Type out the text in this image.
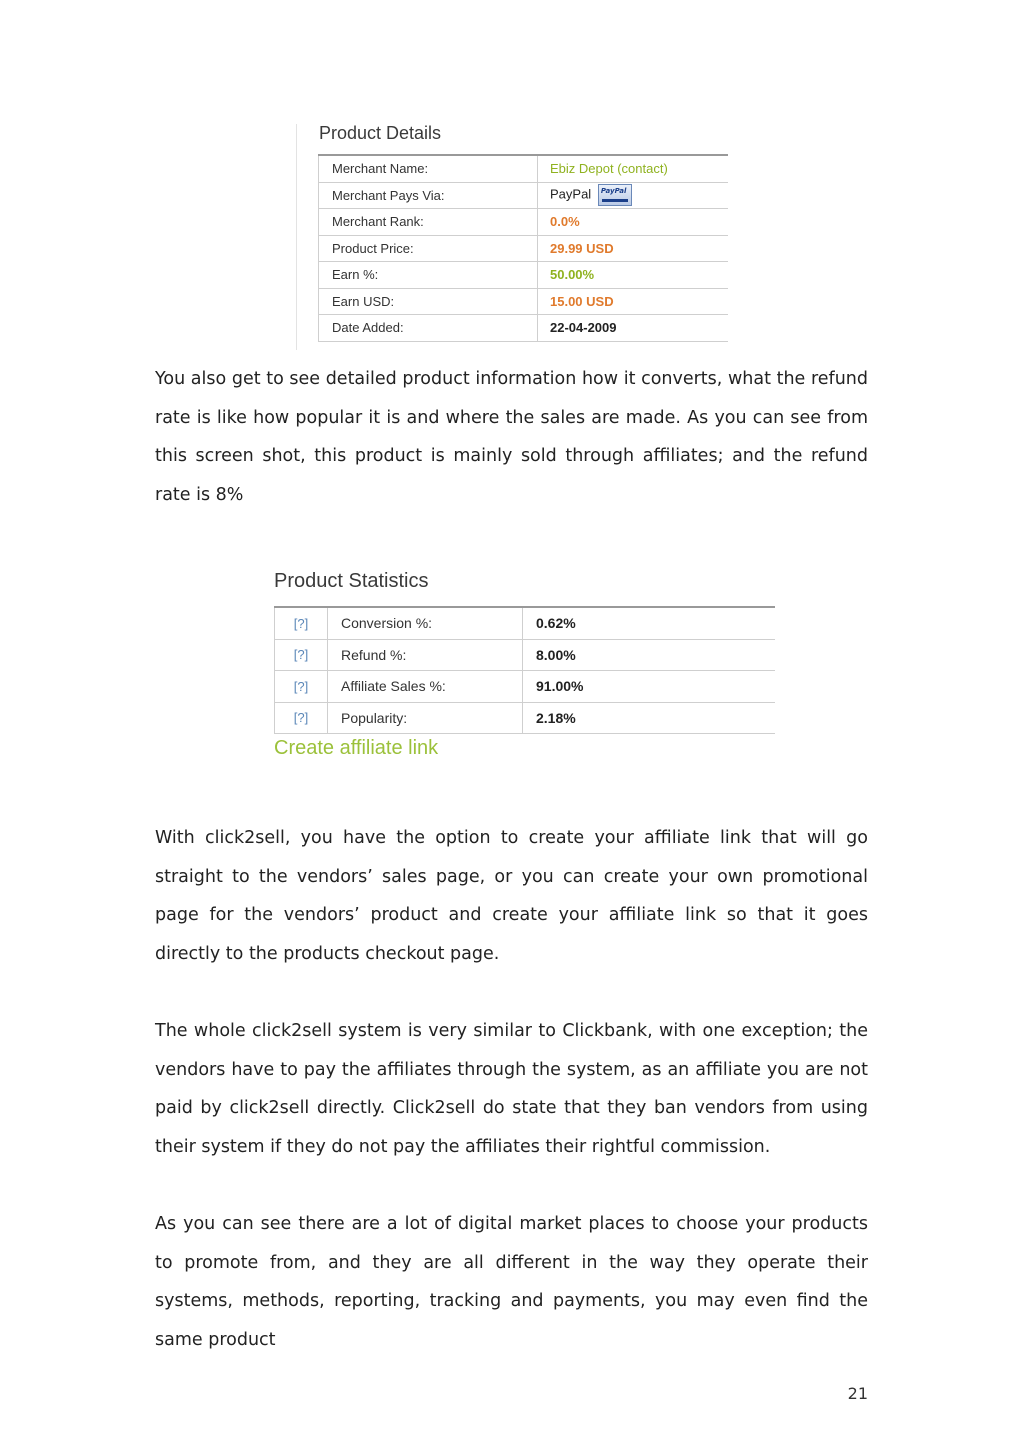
Product Details
Merchant Name:	Ebiz Depot (contact)
Merchant Pays Via:	PayPal PayPal

Merchant Rank:	0.0%
Product Price:	29.99 USD
Earn %:	50.00%
Earn USD:	15.00 USD
Date Added:	22-04-2009

You also get to see detailed product information how it converts, what the refund rate is like how popular it is and where the sales are made. As you can see from this screen shot, this product is mainly sold through affiliates; and the refund rate is 8%

Product Statistics
[?]	Conversion %:	0.62%
[?]	Refund %:	8.00%
[?]	Affiliate Sales %:	91.00%
[?]	Popularity:	2.18%
Create affiliate link

With click2sell, you have the option to create your affiliate link that will go straight to the vendors’ sales page, or you can create your own promotional page for the vendors’ product and create your affiliate link so that it goes directly to the products checkout page.

The whole click2sell system is very similar to Clickbank, with one exception; the vendors have to pay the affiliates through the system, as an affiliate you are not paid by click2sell directly. Click2sell do state that they ban vendors from using their system if they do not pay the affiliates their rightful commission.

As you can see there are a lot of digital market places to choose your products to promote from, and they are all different in the way they operate their systems, methods, reporting, tracking and payments, you may even find the same product

21
